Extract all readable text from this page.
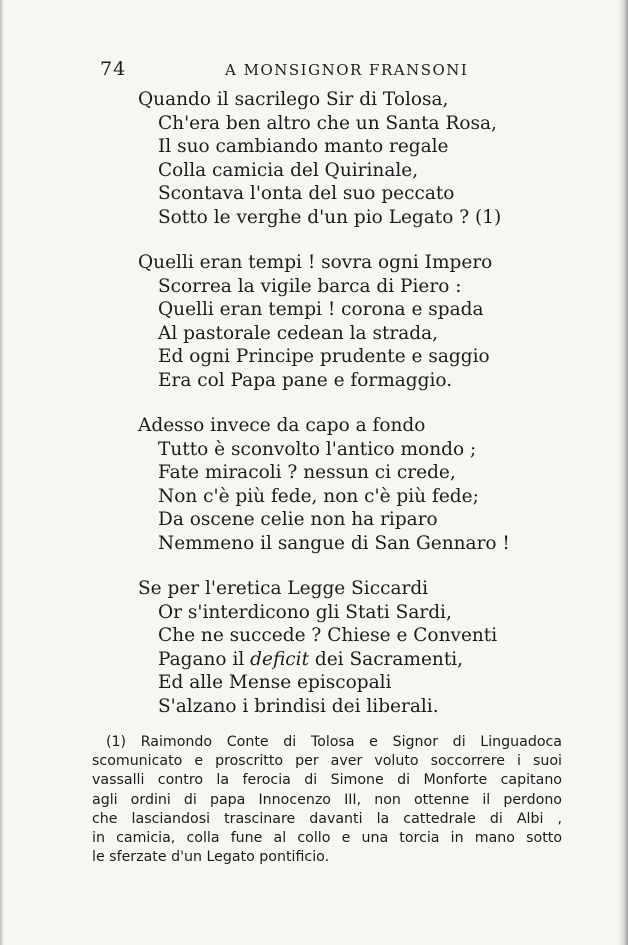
74	A MONSIGNOR FRANSONI
Quando il sacrilego Sir di Tolosa,
Ch'era ben altro che un Santa Rosa,
Il suo cambiando manto regale
Colla camicia del Quirinale,
Scontava l'onta del suo peccato
Sotto le verghe d'un pio Legato ? (1)
Quelli eran tempi ! sovra ogni Impero
Scorrea la vigile barca di Piero :
Quelli eran tempi ! corona e spada
Al pastorale cedean la strada,
Ed ogni Principe prudente e saggio
Era col Papa pane e formaggio.
Adesso invece da capo a fondo
Tutto è sconvolto l'antico mondo ;
Fate miracoli ? nessun ci crede,
Non c'è più fede, non c'è più fede;
Da oscene celie non ha riparo
Nemmeno il sangue di San Gennaro !
Se per l'eretica Legge Siccardi
Or s'interdicono gli Stati Sardi,
Che ne succede ? Chiese e Conventi
Pagano il deficit dei Sacramenti,
Ed alle Mense episcopali
S'alzano i brindisi dei liberali.
(1) Raimondo Conte di Tolosa e Signor di Linguadoca
scomunicato e proscritto per aver voluto soccorrere i suoi
vassalli contro la ferocia di Simone di Monforte capitano
agli ordini di papa Innocenzo III, non ottenne il perdono
che lasciandosi trascinare davanti la cattedrale di Albi ,
in camicia, colla fune al collo e una torcia in mano sotto
le sferzate d'un Legato pontificio.
